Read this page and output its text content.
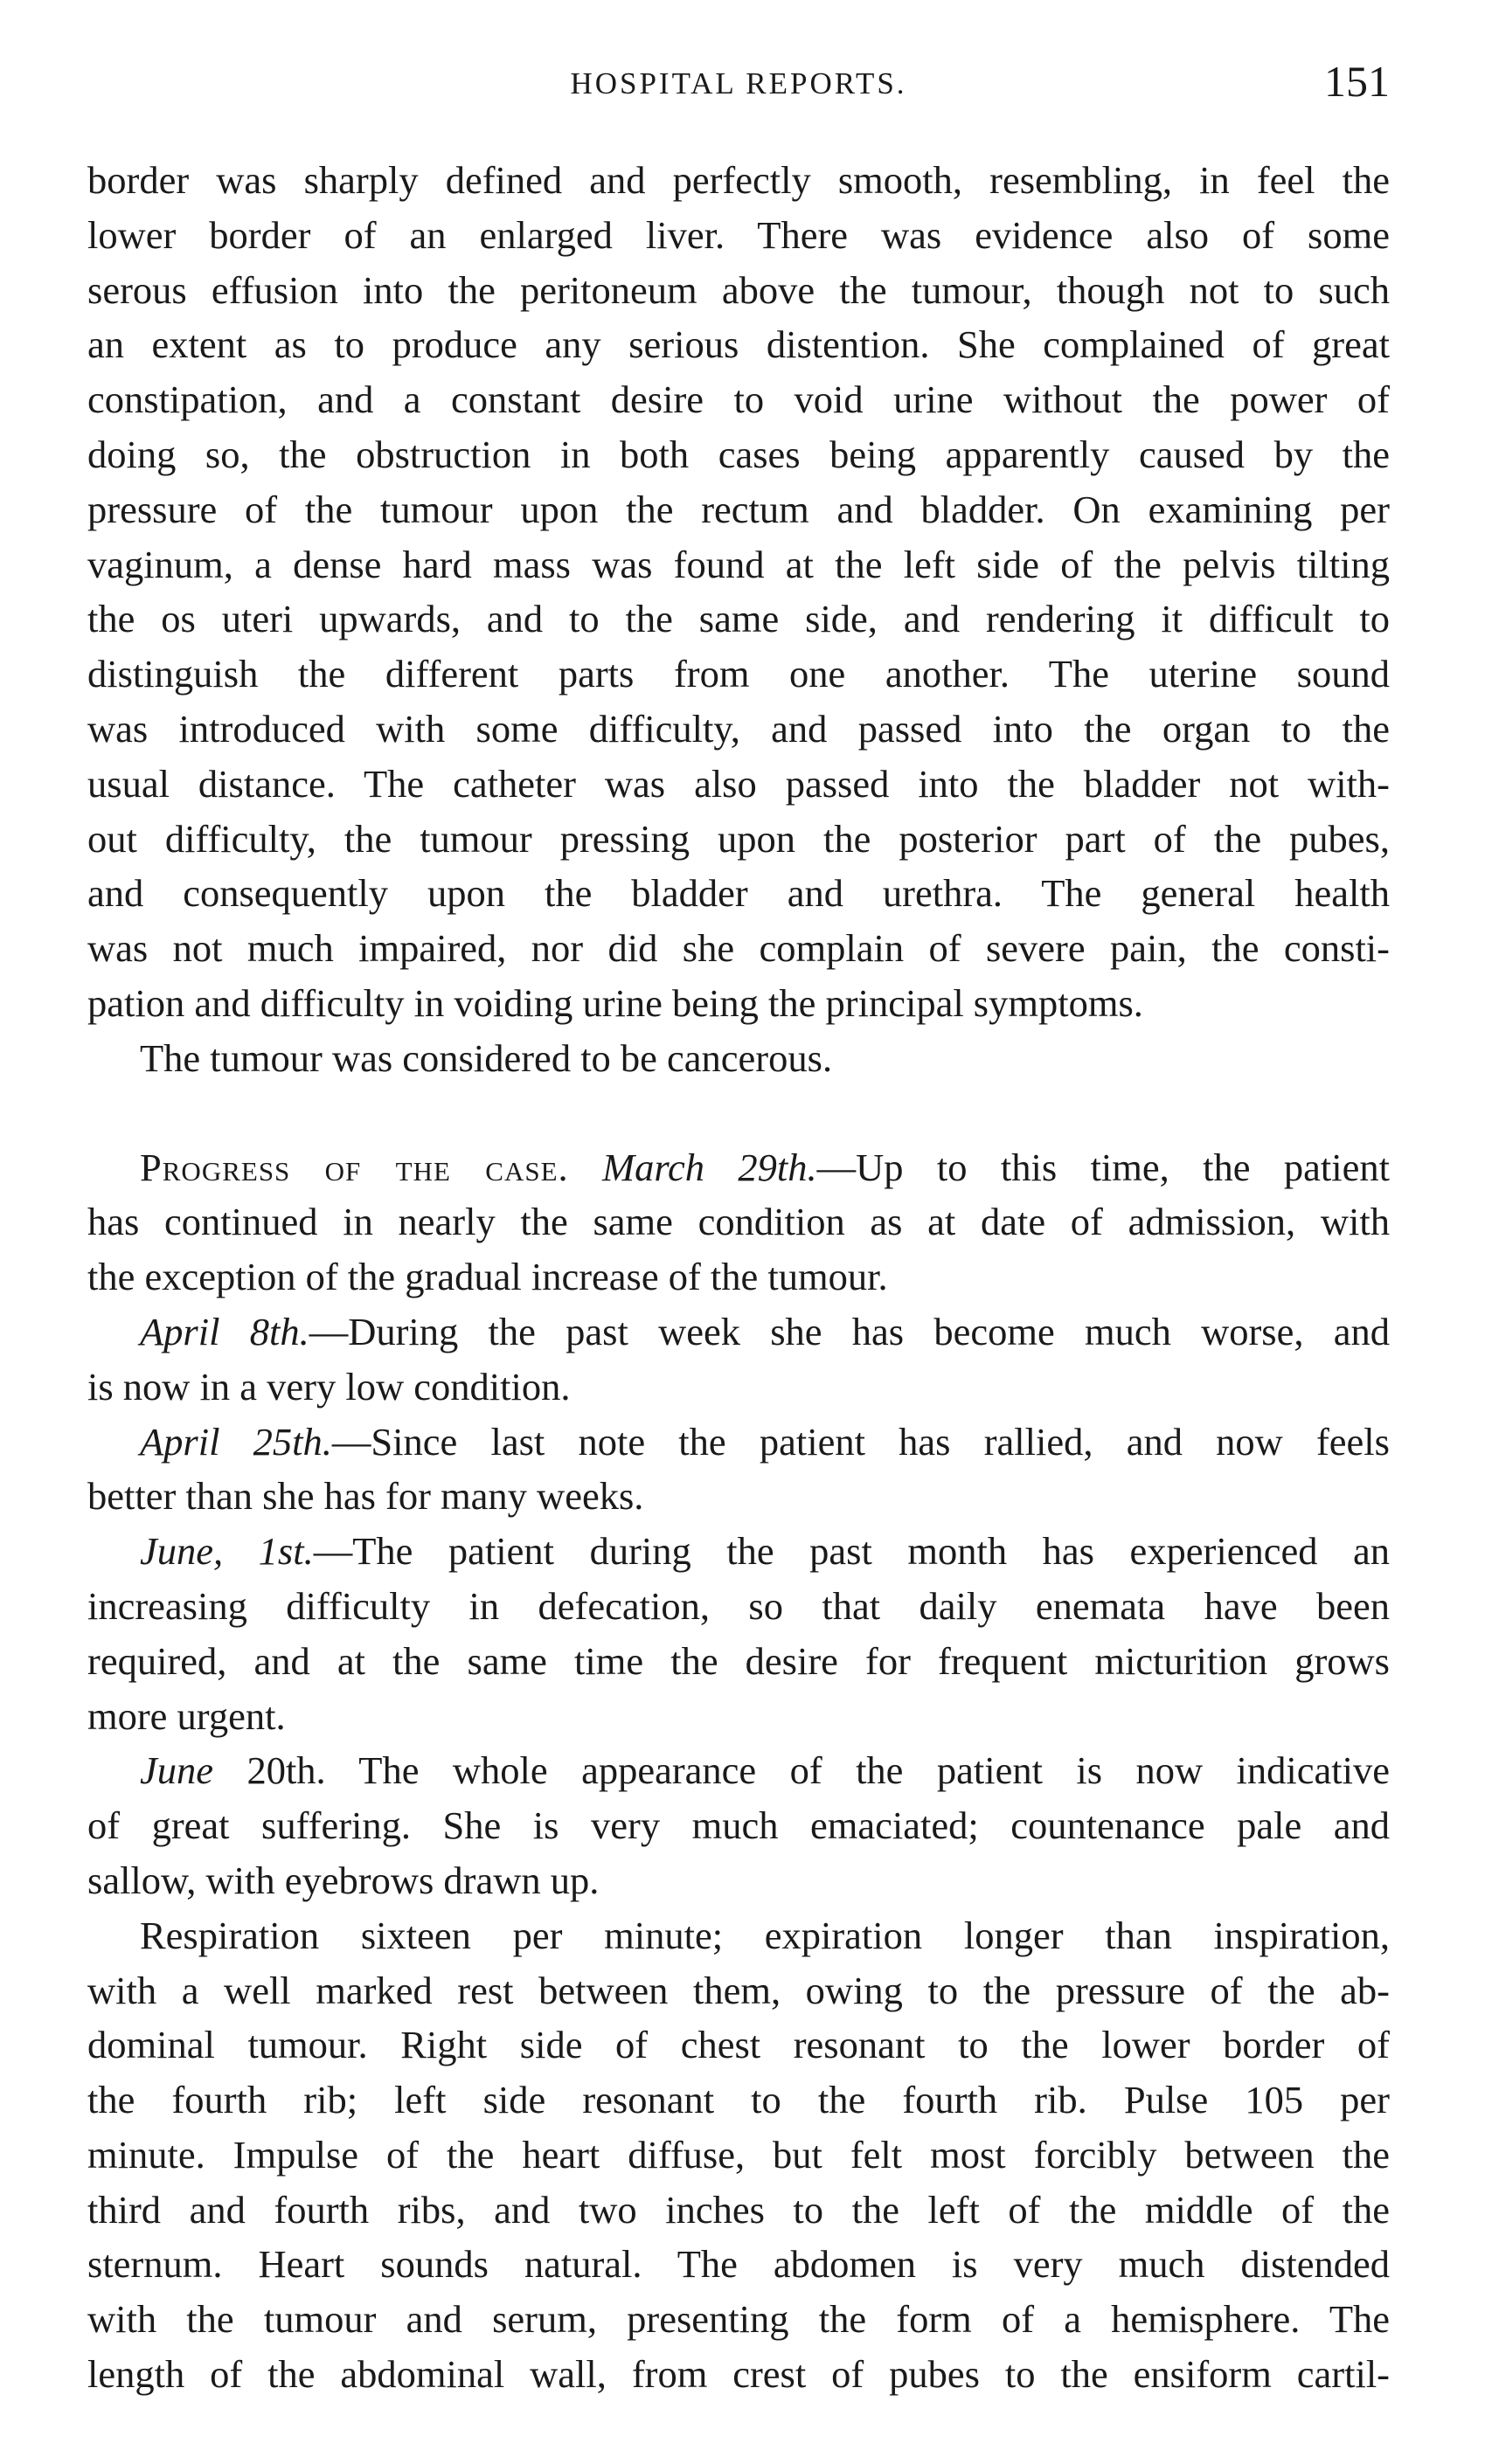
HOSPITAL REPORTS.	151
border was sharply defined and perfectly smooth, resembling, in feel the
lower border of an enlarged liver. There was evidence also of some
serous effusion into the peritoneum above the tumour, though not to such
an extent as to produce any serious distention. She complained of great
constipation, and a constant desire to void urine without the power of
doing so, the obstruction in both cases being apparently caused by the
pressure of the tumour upon the rectum and bladder. On examining per
vaginum, a dense hard mass was found at the left side of the pelvis tilting
the os uteri upwards, and to the same side, and rendering it difficult to
distinguish the different parts from one another. The uterine sound
was introduced with some difficulty, and passed into the organ to the
usual distance. The catheter was also passed into the bladder not with-
out difficulty, the tumour pressing upon the posterior part of the pubes,
and consequently upon the bladder and urethra. The general health
was not much impaired, nor did she complain of severe pain, the consti-
pation and difficulty in voiding urine being the principal symptoms.
The tumour was considered to be cancerous.
Progress of the case. March 29th.—Up to this time, the patient
has continued in nearly the same condition as at date of admission, with
the exception of the gradual increase of the tumour.
April 8th.—During the past week she has become much worse, and
is now in a very low condition.
April 25th.—Since last note the patient has rallied, and now feels
better than she has for many weeks.
June, 1st.—The patient during the past month has experienced an
increasing difficulty in defecation, so that daily enemata have been
required, and at the same time the desire for frequent micturition grows
more urgent.
June 20th. The whole appearance of the patient is now indicative
of great suffering. She is very much emaciated; countenance pale and
sallow, with eyebrows drawn up.
Respiration sixteen per minute; expiration longer than inspiration,
with a well marked rest between them, owing to the pressure of the ab-
dominal tumour. Right side of chest resonant to the lower border of
the fourth rib; left side resonant to the fourth rib. Pulse 105 per
minute. Impulse of the heart diffuse, but felt most forcibly between the
third and fourth ribs, and two inches to the left of the middle of the
sternum. Heart sounds natural. The abdomen is very much distended
with the tumour and serum, presenting the form of a hemisphere. The
length of the abdominal wall, from crest of pubes to the ensiform cartil-
